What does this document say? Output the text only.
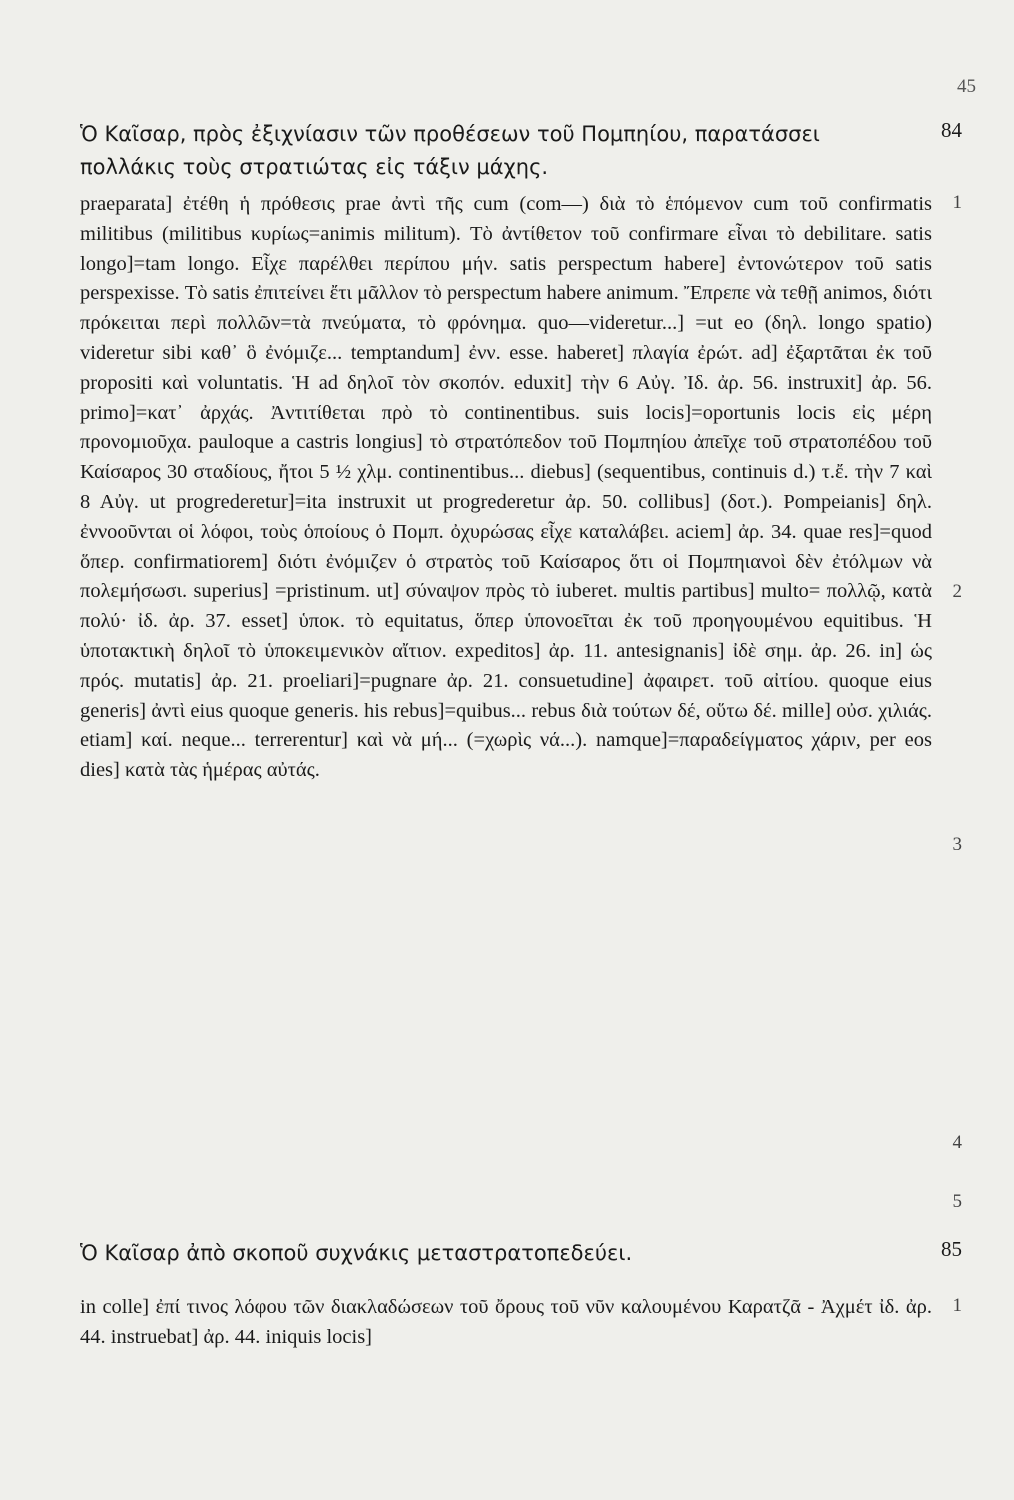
45
Ὁ Καῖσαρ, πρὸς ἐξιχνίασιν τῶν προθέσεων τοῦ Πομπηίου, παρατάσσει πολλάκις τοὺς στρατιώτας εἰς τάξιν μάχης.
84
praeparata] ἐτέθη ἡ πρόθεσις prae ἀντὶ τῆς cum (com—) διὰ τὸ ἑπόμενον cum τοῦ confirmatis militibus (militibus κυρίως=animis militum). Τὸ ἀντίθετον τοῦ confirmare εἶναι τὸ debilitare. satis longo]=tam longo. Εἶχε παρέλθει περίπου μήν. satis perspectum habere] ἐντονώτερον τοῦ satis perspexisse. Τὸ satis ἐπιτείνει ἔτι μᾶλλον τὸ perspectum habere animum. Ἔπρεπε νὰ τεθῇ animos, διότι πρόκειται περὶ πολλῶν=τὰ πνεύματα, τὸ φρόνημα. quo—videretur...] =ut eo (δηλ. longo spatio) videretur sibi καθ᾽ ὃ ἐνόμιζε... temptandum] ἐνν. esse. haberet] πλαγία ἐρώτ. ad] ἐξαρτᾶται ἐκ τοῦ propositi καὶ voluntatis. Ἡ ad δηλοῖ τὸν σκοπόν. eduxit] τὴν 6 Αὐγ. Ἰδ. ἀρ. 56. instruxit] ἀρ. 56. primo]=κατ᾽ ἀρχάς. Ἀντιτίθεται πρὸ τὸ continentibus. suis locis]=oportunis locis εἰς μέρη προνομιοῦχα. pauloque a castris longius] τὸ στρατόπεδον τοῦ Πομπηίου ἀπεῖχε τοῦ στρατοπέδου τοῦ Καίσαρος 30 σταδίους, ἤτοι 5 ½ χλμ. continentibus... diebus] (sequentibus, continuis d.) τ.ἔ. τὴν 7 καὶ 8 Αὐγ. ut progrederetur]=ita instruxit ut progrederetur ἀρ. 50. collibus] (δοτ.). Pompeianis] δηλ. ἐννοοῦνται οἱ λόφοι, τοὺς ὁποίους ὁ Πομπ. ὀχυρώσας εἶχε καταλάβει. aciem] ἀρ. 34. quae res]=quod ὅπερ. confirmatiorem] διότι ἐνόμιζεν ὁ στρατὸς τοῦ Καίσαρος ὅτι οἱ Πομπηιανοὶ δὲν ἐτόλμων νὰ πολεμήσωσι. superius] =pristinum. ut] σύναψον πρὸς τὸ iuberet. multis partibus] multo= πολλῷ, κατὰ πολύ· ἰδ. ἀρ. 37. esset] ὑποκ. τὸ equitatus, ὅπερ ὑπονοεῖται ἐκ τοῦ προηγουμένου equitibus. Ἡ ὑποτακτικὴ δηλοῖ τὸ ὑποκειμενικὸν αἴτιον. expeditos] ἀρ. 11. antesignanis] ἰδὲ σημ. ἀρ. 26. in] ὡς πρός. mutatis] ἀρ. 21. proeliari]=pugnare ἀρ. 21. consuetudine] ἀφαιρετ. τοῦ αἰτίου. quoque eius generis] ἀντὶ eius quoque generis. his rebus]=quibus... rebus διὰ τούτων δέ, οὕτω δέ. mille] οὐσ. χιλιάς. etiam] καί. neque... terrerentur] καὶ νὰ μή... (=χωρὶς νά...). namque]=παραδείγματος χάριν, per eos dies] κατὰ τὰς ἡμέρας αὐτάς.
1
2
3
4
5
Ὁ Καῖσαρ ἀπὸ σκοποῦ συχνάκις μεταστρατοπεδεύει.	85
in colle] ἐπί τινος λόφου τῶν διακλαδώσεων τοῦ ὄρους τοῦ νῦν καλουμένου Καρατζᾶ - Ἀχμέτ ἰδ. ἀρ. 44. instruebat] ἀρ. 44. iniquis locis]
1
